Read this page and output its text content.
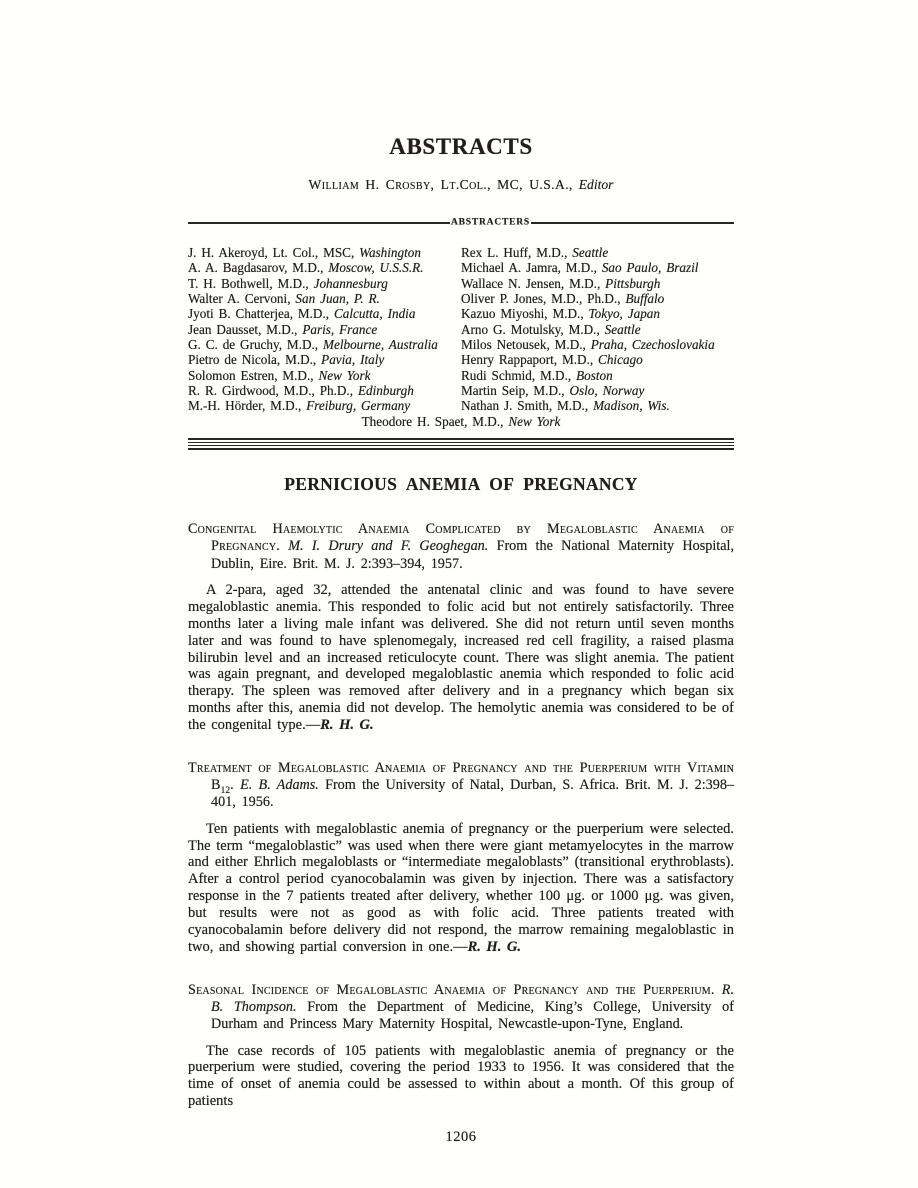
ABSTRACTS
William H. Crosby, Lt.Col., MC, U.S.A., Editor
ABSTRACTERS
J. H. Akeroyd, Lt. Col., MSC, Washington
A. A. Bagdasarov, M.D., Moscow, U.S.S.R.
T. H. Bothwell, M.D., Johannesburg
Walter A. Cervoni, San Juan, P. R.
Jyoti B. Chatterjea, M.D., Calcutta, India
Jean Dausset, M.D., Paris, France
G. C. de Gruchy, M.D., Melbourne, Australia
Pietro de Nicola, M.D., Pavia, Italy
Solomon Estren, M.D., New York
R. R. Girdwood, M.D., Ph.D., Edinburgh
M.-H. Hörder, M.D., Freiburg, Germany
Rex L. Huff, M.D., Seattle
Michael A. Jamra, M.D., Sao Paulo, Brazil
Wallace N. Jensen, M.D., Pittsburgh
Oliver P. Jones, M.D., Ph.D., Buffalo
Kazuo Miyoshi, M.D., Tokyo, Japan
Arno G. Motulsky, M.D., Seattle
Milos Netousek, M.D., Praha, Czechoslovakia
Henry Rappaport, M.D., Chicago
Rudi Schmid, M.D., Boston
Martin Seip, M.D., Oslo, Norway
Nathan J. Smith, M.D., Madison, Wis.
Theodore H. Spaet, M.D., New York
PERNICIOUS ANEMIA OF PREGNANCY
Congenital Haemolytic Anaemia Complicated by Megaloblastic Anaemia of Pregnancy. M. I. Drury and F. Geoghegan. From the National Maternity Hospital, Dublin, Eire. Brit. M. J. 2:393–394, 1957.

A 2-para, aged 32, attended the antenatal clinic and was found to have severe megaloblastic anemia. This responded to folic acid but not entirely satisfactorily. Three months later a living male infant was delivered. She did not return until seven months later and was found to have splenomegaly, increased red cell fragility, a raised plasma bilirubin level and an increased reticulocyte count. There was slight anemia. The patient was again pregnant, and developed megaloblastic anemia which responded to folic acid therapy. The spleen was removed after delivery and in a pregnancy which began six months after this, anemia did not develop. The hemolytic anemia was considered to be of the congenital type.—R. H. G.

Treatment of Megaloblastic Anaemia of Pregnancy and the Puerperium with Vitamin $B_{12}$. E. B. Adams. From the University of Natal, Durban, S. Africa. Brit. M. J. 2:398–401, 1956.

Ten patients with megaloblastic anemia of pregnancy or the puerperium were selected. The term “megaloblastic” was used when there were giant metamyelocytes in the marrow and either Ehrlich megaloblasts or “intermediate megaloblasts” (transitional erythroblasts). After a control period cyanocobalamin was given by injection. There was a satisfactory response in the 7 patients treated after delivery, whether 100 μg. or 1000 μg. was given, but results were not as good as with folic acid. Three patients treated with cyanocobalamin before delivery did not respond, the marrow remaining megaloblastic in two, and showing partial conversion in one.—R. H. G.

Seasonal Incidence of Megaloblastic Anaemia of Pregnancy and the Puerperium. R. B. Thompson. From the Department of Medicine, King’s College, University of Durham and Princess Mary Maternity Hospital, Newcastle-upon-Tyne, England.

The case records of 105 patients with megaloblastic anemia of pregnancy or the puerperium were studied, covering the period 1933 to 1956. It was considered that the time of onset of anemia could be assessed to within about a month. Of this group of patients

1206
